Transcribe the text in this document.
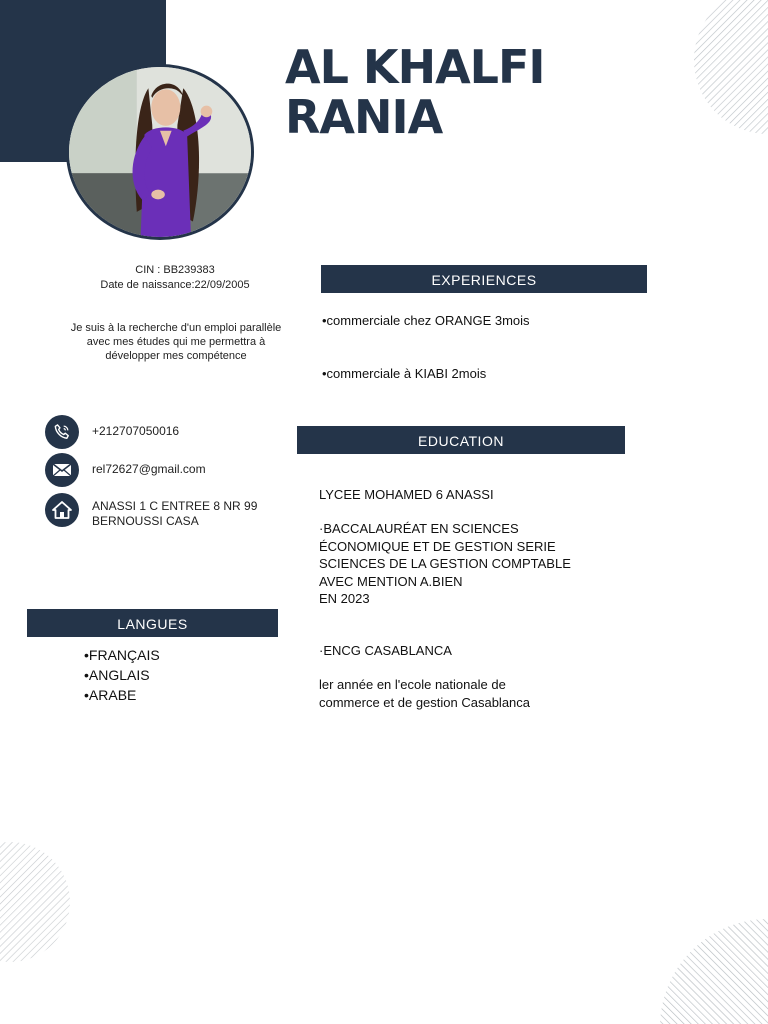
AL KHALFI
RANIA
CIN : BB239383
Date de naissance:22/09/2005
Je suis à la recherche d'un emploi parallèle avec mes études qui me permettra à développer mes compétence
+212707050016
rel72627@gmail.com
ANASSI 1 C ENTREE 8 NR 99
BERNOUSSI CASA
EXPERIENCES
•commerciale chez ORANGE 3mois
•commerciale à KIABI 2mois
EDUCATION
LYCEE MOHAMED 6 ANASSI
·BACCALAURÉAT EN SCIENCES
ÉCONOMIQUE ET DE GESTION SERIE
SCIENCES DE LA GESTION COMPTABLE
AVEC MENTION A.BIEN
EN 2023
·ENCG CASABLANCA
ler année en l'ecole nationale de
commerce et de gestion Casablanca
LANGUES
•FRANÇAIS
•ANGLAIS
•ARABE
